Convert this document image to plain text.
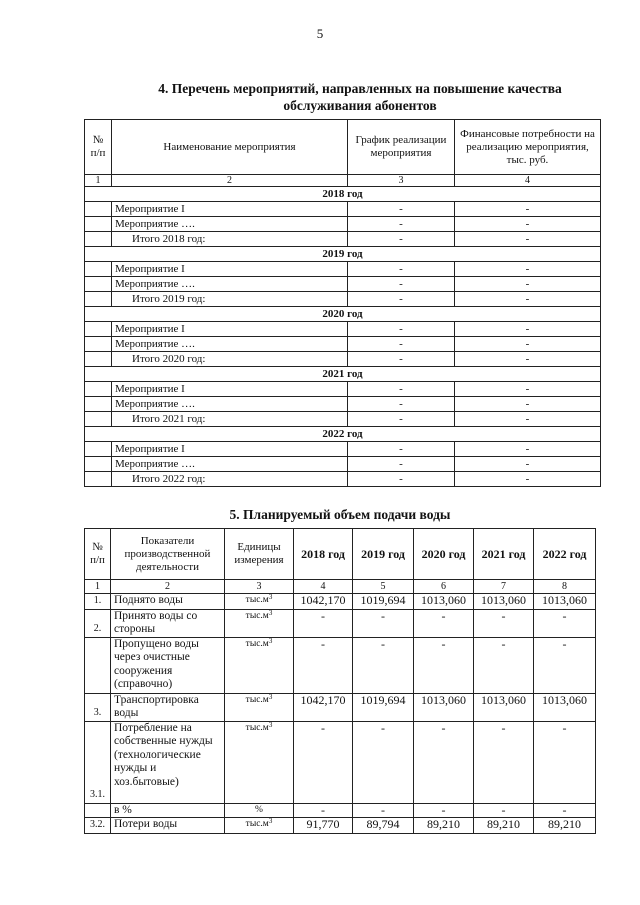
5
4. Перечень мероприятий, направленных на повышение качества
обслуживания абонентов
№ п/п	Наименование мероприятия	График реализации мероприятия	Финансовые потребности на реализацию мероприятия, тыс. руб.
1	2	3	4
2018 год			
	Мероприятие I	-	-
	Мероприятие ….	-	-
	Итого 2018 год:	-	-
2019 год			
	Мероприятие I	-	-
	Мероприятие ….	-	-
	Итого 2019 год:	-	-
2020 год			
	Мероприятие I	-	-
	Мероприятие ….	-	-
	Итого 2020 год:	-	-
2021 год			
	Мероприятие I	-	-
	Мероприятие ….	-	-
	Итого 2021 год:	-	-
2022 год			
	Мероприятие I	-	-
	Мероприятие ….	-	-
	Итого 2022 год:	-	-
5. Планируемый объем подачи воды
№ п/п	Показатели производственной деятельности	Единицы измерения	2018 год	2019 год	2020 год	2021 год	2022 год
1	2	3	4	5	6	7	8
1.	Поднято воды	$тыс.м^3$	1042,170	1019,694	1013,060	1013,060	1013,060
2.	Принято воды со стороны	$тыс.м^3$	-	-	-	-	-
	Пропущено воды через очистные сооружения (справочно)	$тыс.м^3$	-	-	-	-	-
3.	Транспортировка воды	$тыс.м^3$	1042,170	1019,694	1013,060	1013,060	1013,060
3.1.	Потребление на собственные нужды (технологические нужды и хоз.бытовые)	$тыс.м^3$	-	-	-	-	-
	в %	%	-	-	-	-	-
3.2.	Потери воды	$тыс.м^3$	91,770	89,794	89,210	89,210	89,210
